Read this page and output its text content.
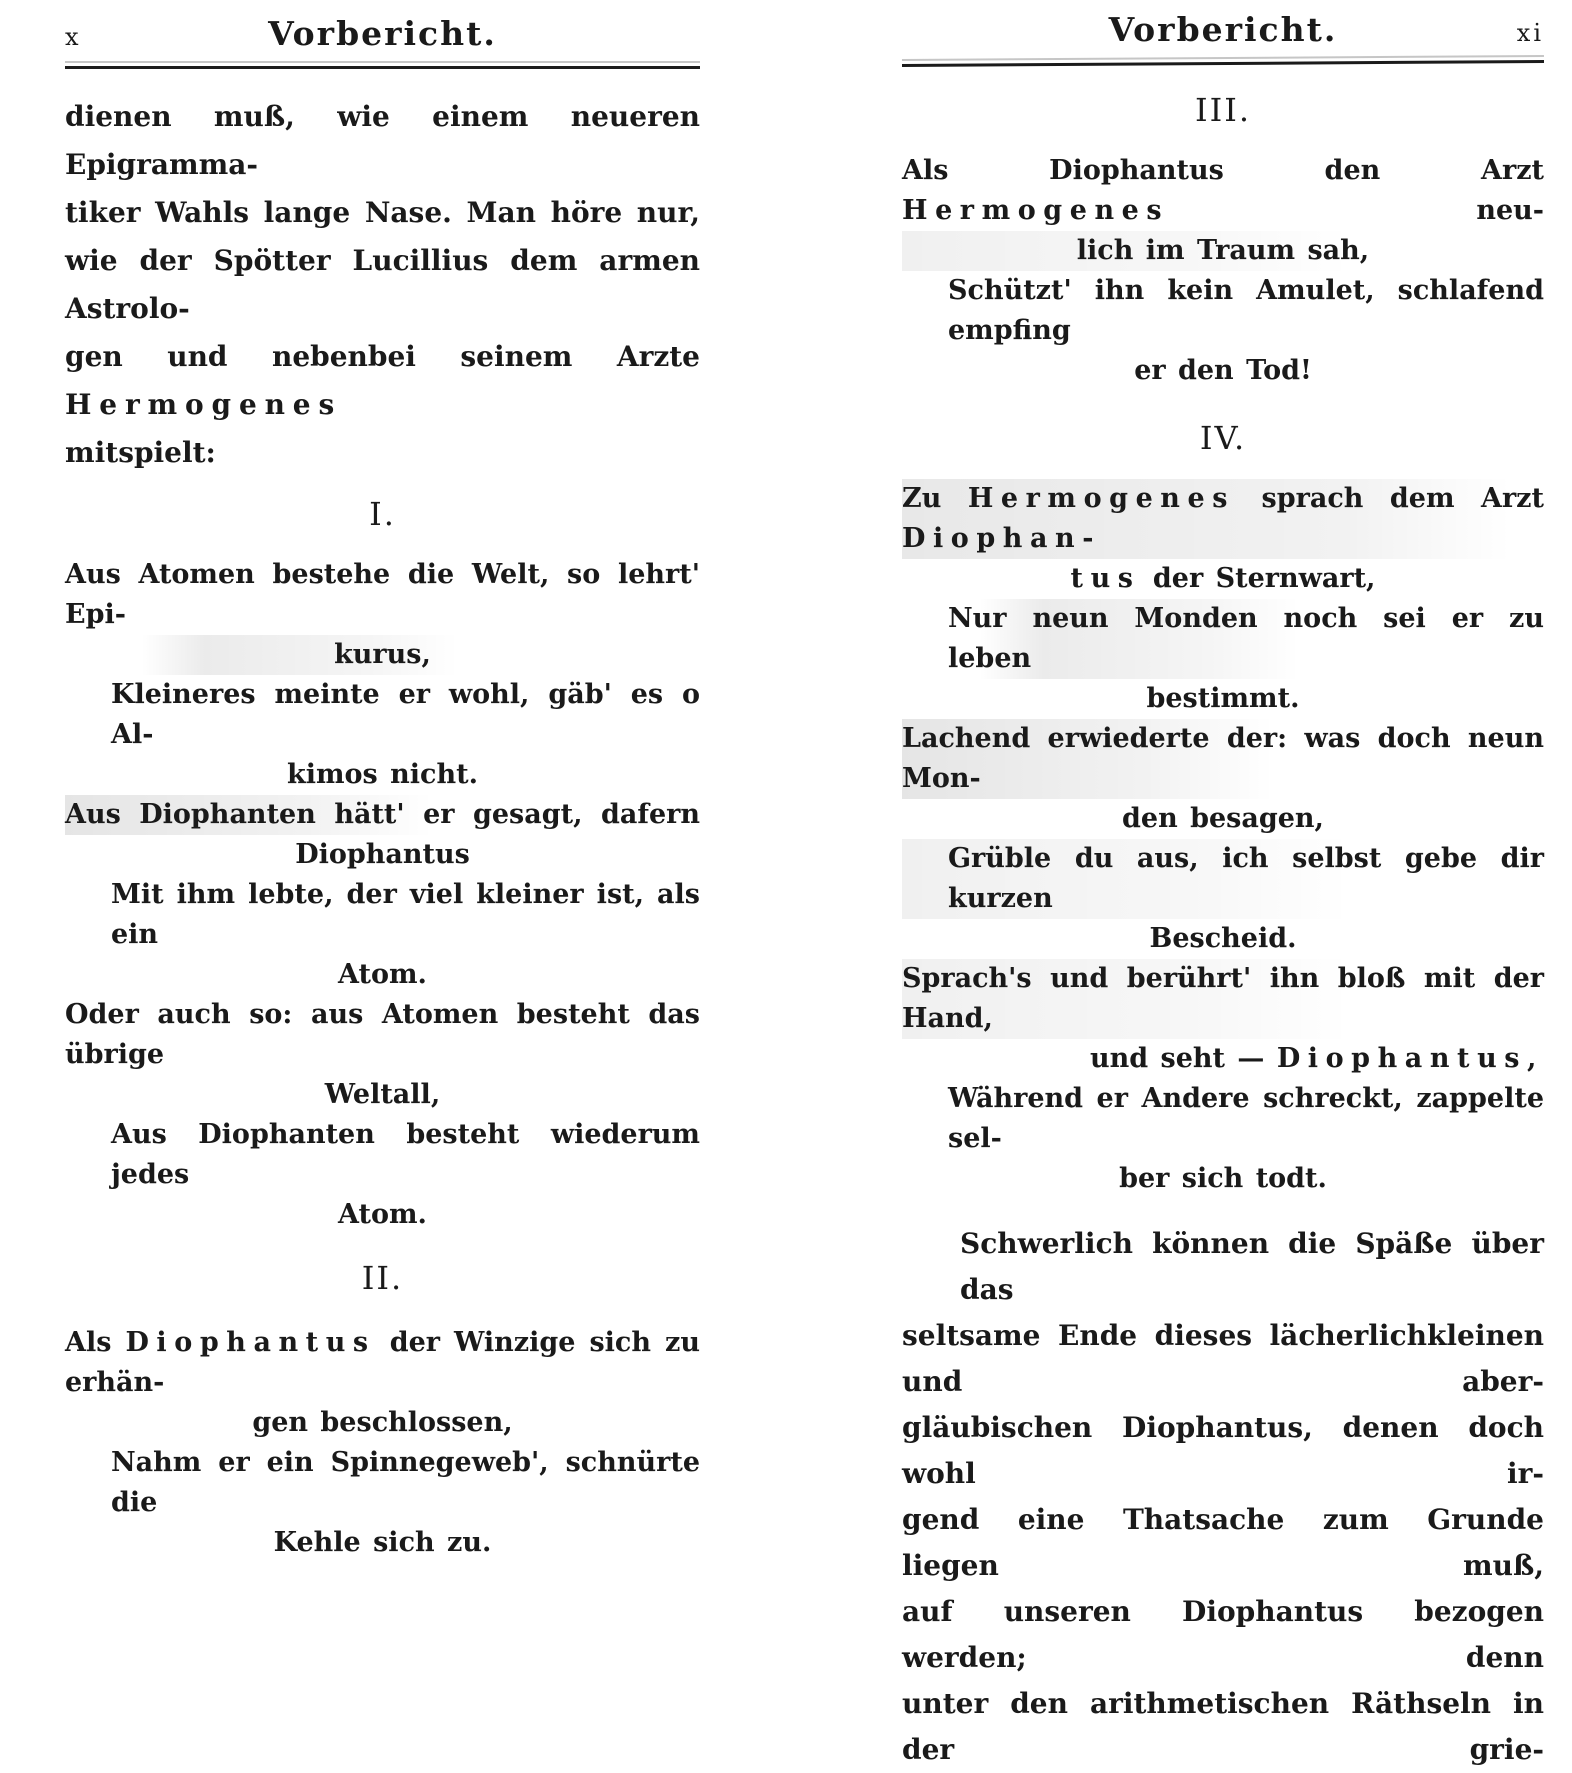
x	Vorbericht.
dienen muß, wie einem neueren Epigramma-
tiker Wahls lange Nase. Man höre nur,
wie der Spötter Lucillius dem armen Astrolo-
gen und nebenbei seinem Arzte Hermogenes
mitspielt:
I.
Aus Atomen bestehe die Welt, so lehrt' Epi-
kurus,
Kleineres meinte er wohl, gäb' es o Al-
kimos nicht.
Aus Diophanten hätt' er gesagt, dafern
Diophantus
Mit ihm lebte, der viel kleiner ist, als ein
Atom.
Oder auch so: aus Atomen besteht das übrige
Weltall,
Aus Diophanten besteht wiederum jedes
Atom.
II.
Als Diophantus der Winzige sich zu erhän-
gen beschlossen,
Nahm er ein Spinnegeweb', schnürte die
Kehle sich zu.
Vorbericht.	xi
III.
Als Diophantus den Arzt Hermogenes neu-
lich im Traum sah,
Schützt' ihn kein Amulet, schlafend empfing
er den Tod!
IV.
Zu Hermogenes sprach dem Arzt Diophan-
tus der Sternwart,
Nur neun Monden noch sei er zu leben
bestimmt.
Lachend erwiederte der: was doch neun Mon-
den besagen,
Grüble du aus, ich selbst gebe dir kurzen
Bescheid.
Sprach's und berührt' ihn bloß mit der Hand,
und seht — Diophantus,
Während er Andere schreckt, zappelte sel-
ber sich todt.
Schwerlich können die Späße über das
seltsame Ende dieses lächerlichkleinen und aber-
gläubischen Diophantus, denen doch wohl ir-
gend eine Thatsache zum Grunde liegen muß,
auf unseren Diophantus bezogen werden; denn
unter den arithmetischen Räthseln in der grie-
